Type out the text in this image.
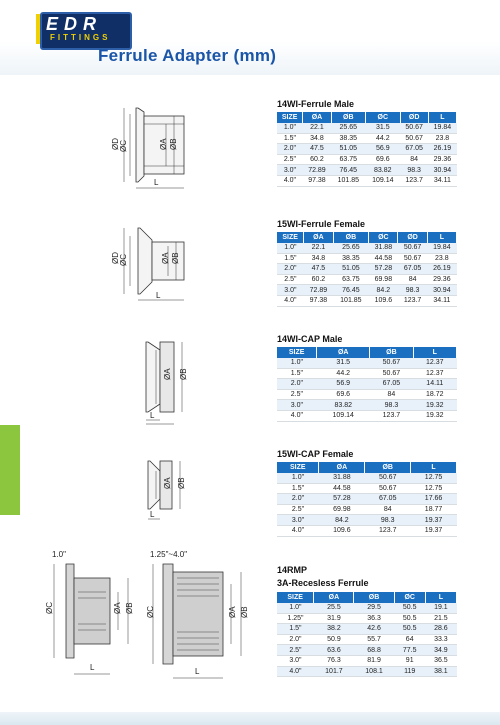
EDR
FITTINGS
Ferrule Adapter (mm)
14WI-Ferrule Male
15WI-Ferrule Female
14WI-CAP Male
15WI-CAP Female
14RMP
3A-Recesless Ferrule
SIZE	ØA	ØB	ØC	ØD	L
1.0"	22.1	25.65	31.5	50.67	19.84
1.5"	34.8	38.35	44.2	50.67	23.8
2.0"	47.5	51.05	56.9	67.05	26.19
2.5"	60.2	63.75	69.6	84	29.36
3.0"	72.89	76.45	83.82	98.3	30.94
4.0"	97.38	101.85	109.14	123.7	34.11
SIZE	ØA	ØB	ØC	ØD	L
1.0"	22.1	25.65	31.88	50.67	19.84
1.5"	34.8	38.35	44.58	50.67	23.8
2.0"	47.5	51.05	57.28	67.05	26.19
2.5"	60.2	63.75	69.98	84	29.36
3.0"	72.89	76.45	84.2	98.3	30.94
4.0"	97.38	101.85	109.6	123.7	34.11
SIZE	ØA	ØB	L
1.0"	31.5	50.67	12.37
1.5"	44.2	50.67	12.37
2.0"	56.9	67.05	14.11
2.5"	69.6	84	18.72
3.0"	83.82	98.3	19.32
4.0"	109.14	123.7	19.32
SIZE	ØA	ØB	L
1.0"	31.88	50.67	12.75
1.5"	44.58	50.67	12.75
2.0"	57.28	67.05	17.66
2.5"	69.98	84	18.77
3.0"	84.2	98.3	19.37
4.0"	109.6	123.7	19.37
SIZE	ØA	ØB	ØC	L
1.0"	25.5	29.5	50.5	19.1
1.25"	31.9	36.3	50.5	21.5
1.5"	38.2	42.6	50.5	28.6
2.0"	50.9	55.7	64	33.3
2.5"	63.6	68.8	77.5	34.9
3.0"	76.3	81.9	91	36.5
4.0"	101.7	108.1	119	38.1
ØD ØC	ØA ØB
L
ØD ØC	ØA ØB
L
ØA ØB
L
ØA ØB
L
1.0"
ØC	ØA ØB
L
1.25"~4.0"
ØC	ØA ØB
L
